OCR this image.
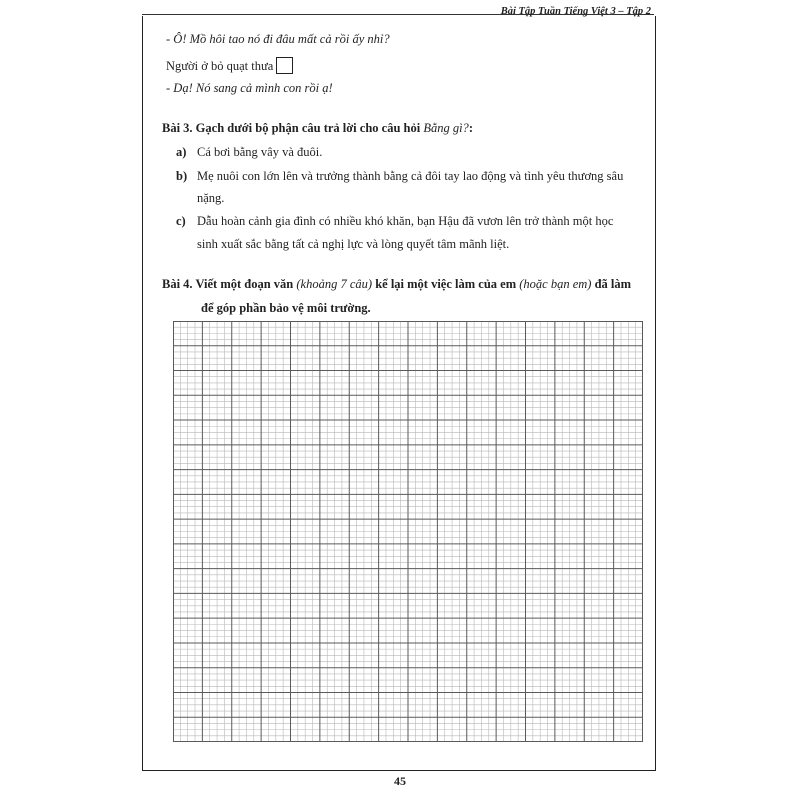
Bài Tập Tuần Tiếng Việt 3 – Tập 2
- Ô! Mồ hôi tao nó đi đâu mất cả rồi ấy nhỉ?
Người ở bỏ quạt thưa
- Dạ! Nó sang cả mình con rồi ạ!
Bài 3. Gạch dưới bộ phận câu trả lời cho câu hỏi Bằng gì?:
a) Cá bơi bằng vây và đuôi.
b) Mẹ nuôi con lớn lên và trưởng thành bằng cả đôi tay lao động và tình yêu thương sâu
nặng.
c) Dẫu hoàn cảnh gia đình có nhiều khó khăn, bạn Hậu đã vươn lên trở thành một học
sinh xuất sắc bằng tất cả nghị lực và lòng quyết tâm mãnh liệt.
Bài 4. Viết một đoạn văn (khoảng 7 câu) kể lại một việc làm của em (hoặc bạn em) đã làm
để góp phần bảo vệ môi trường.
45
